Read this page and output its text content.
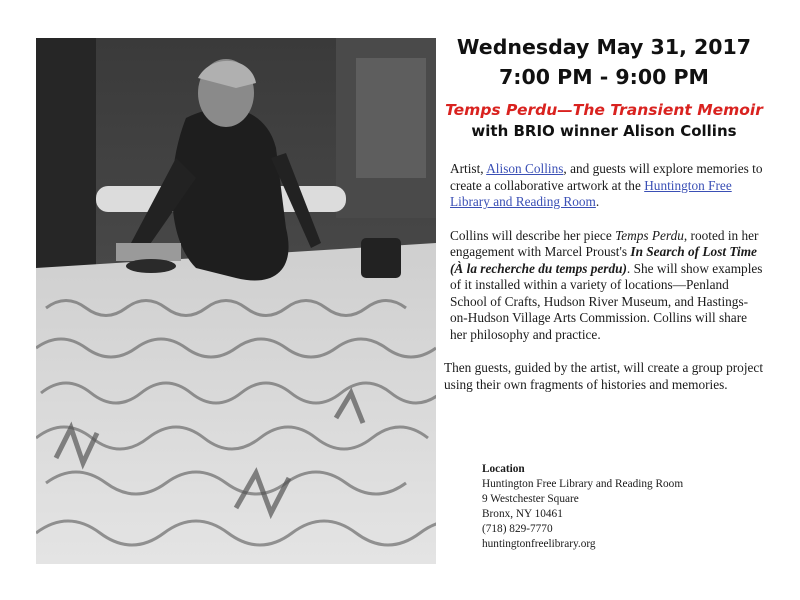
Wednesday May 31, 2017
7:00 PM - 9:00 PM
Temps Perdu—The Transient Memoir
with BRIO winner Alison Collins

Artist, Alison Collins, and guests will explore memories to create a collaborative artwork at the Huntington Free Library and Reading Room.

Collins will describe her piece Temps Perdu, rooted in her engagement with Marcel Proust's In Search of Lost Time (À la recherche du temps perdu). She will show examples of it installed within a variety of locations—Penland School of Crafts, Hudson River Museum, and Hastings-on-Hudson Village Arts Commission. Collins will share her philosophy and practice.

Then guests, guided by the artist, will create a group project using their own fragments of histories and memories.

Location
Huntington Free Library and Reading Room
9 Westchester Square
Bronx, NY 10461
(718) 829-7770
huntingtonfreelibrary.org
